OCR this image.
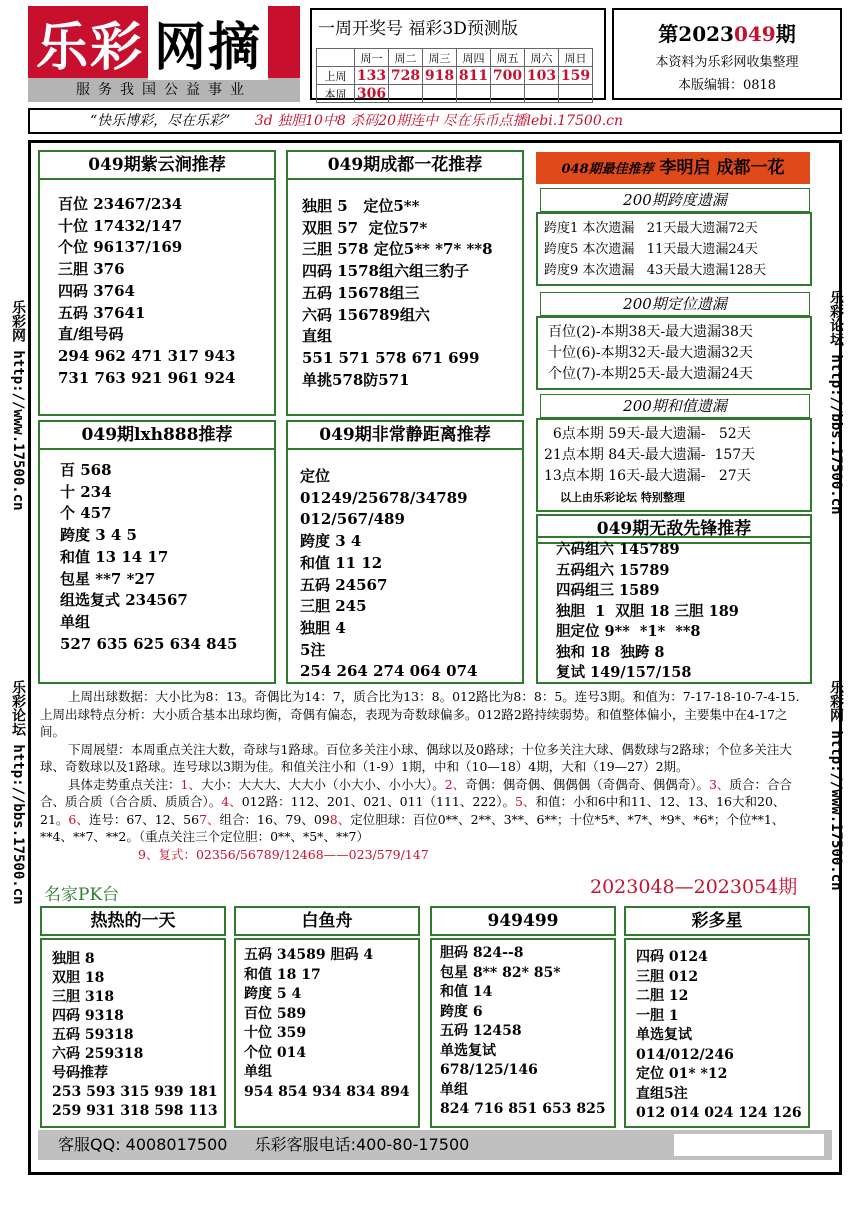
乐彩 网摘
服务我国公益事业
一周开奖号 福彩3D预测版
	周一	周二	周三	周四	周五	周六	周日
上周	133	728	918	811	700	103	159
本周	306						
第2023049期
本资料为乐彩网收集整理
本版编辑：0818
“快乐博彩，尽在乐彩” 3d 独胆10中8 杀码20期连中 尽在乐币点播lebi.17500.cn
乐彩网 http://www.17500.cn
乐彩论坛 http://bbs.17500.cn
乐彩论坛 http://bbs.17500.cn
乐彩网 http://www.17500.cn
百位 23467/234
十位 17432/147
个位 96137/169
三胆 376
四码 3764
五码 37641
直/组号码
294 962 471 317 943
731 763 921 961 924
049期紫云涧推荐
独胆 5   定位5**
双胆 57  定位57*
三胆 578 定位5** *7* **8
四码 1578组六组三豹子
五码 15678组三
六码 156789组六
直组
551 571 578 671 699
单挑578防571
049期成都一花推荐
百 568
十 234
个 457
跨度 3 4 5
和值 13 14 17
包星 **7 *27
组选复式 234567
单组
527 635 625 634 845
049期lxh888推荐
定位
01249/25678/34789
012/567/489
跨度 3 4
和值 11 12
五码 24567
三胆 245
独胆 4
5注
254 264 274 064 074
049期非常静距离推荐
048期最佳推荐 李明启 成都一花
200期跨度遗漏
跨度1 本次遗漏   21天最大遗漏72天
跨度5 本次遗漏   11天最大遗漏24天
跨度9 本次遗漏   43天最大遗漏128天
200期定位遗漏
百位(2)-本期38天-最大遗漏38天
十位(6)-本期32天-最大遗漏32天
个位(7)-本期25天-最大遗漏24天
200期和值遗漏
6点本期 59天-最大遗漏-   52天
21点本期 84天-最大遗漏-  157天
13点本期 16天-最大遗漏-   27天
以上由乐彩论坛 特别整理
049期无敌先锋推荐
六码组六 145789
五码组六 15789
四码组三 1589
独胆  1  双胆 18 三胆 189
胆定位 9**  *1*  **8
独和 18  独跨 8
复试 149/157/158

上周出球数据：大小比为8：13。奇偶比为14：7，质合比为13：8。012路比为8：8：5。连号3期。和值为：7-17-18-10-7-4-15.上周出球特点分析：大小质合基本出球均衡，奇偶有偏态，表现为奇数球偏多。012路2路持续弱势。和值整体偏小，主要集中在4-17之间。

下周展望：本周重点关注大数，奇球与1路球。百位多关注小球、偶球以及0路球；十位多关注大球、偶数球与2路球；个位多关注大球、奇数球以及1路球。连号球以3期为佳。和值关注小和（1-9）1期，中和（10—18）4期，大和（19—27）2期。

具体走势重点关注：1、大小：大大大、大大小（小大小、小小大）。2、奇偶：偶奇偶、偶偶偶（奇偶奇、偶偶奇）。3、质合：合合合、质合质（合合质、质质合）。4、012路：112、201、021、011（111、222）。5、和值：小和6中和11、12、13、16大和20、21。6、连号：67、12、567、组合：16、79、098、定位胆球：百位0**、2**、3**、6**；十位*5*、*7*、*9*、*6*；个位**1、**4、**7、**2。（重点关注三个定位胆：0**、*5*、**7）

9、复式：02356/56789/12468——023/579/147

名家PK台	2023048—2023054期
热热的一天
独胆 8
双胆 18
三胆 318
四码 9318
五码 59318
六码 259318
号码推荐
253 593 315 939 181
259 931 318 598 113
白鱼舟
五码 34589 胆码 4
和值 18 17
跨度 5 4
百位 589
十位 359
个位 014
单组
954 854 934 834 894
949499
胆码 824--8
包星 8** 82* 85*
和值 14
跨度 6
五码 12458
单选复试
678/125/146
单组
824 716 851 653 825
彩多星
四码 0124
三胆 012
二胆 12
一胆 1
单选复试
014/012/246
定位 01* *12
直组5注
012 014 024 124 126
客服QQ: 4008017500 乐彩客服电话:400-80-17500
